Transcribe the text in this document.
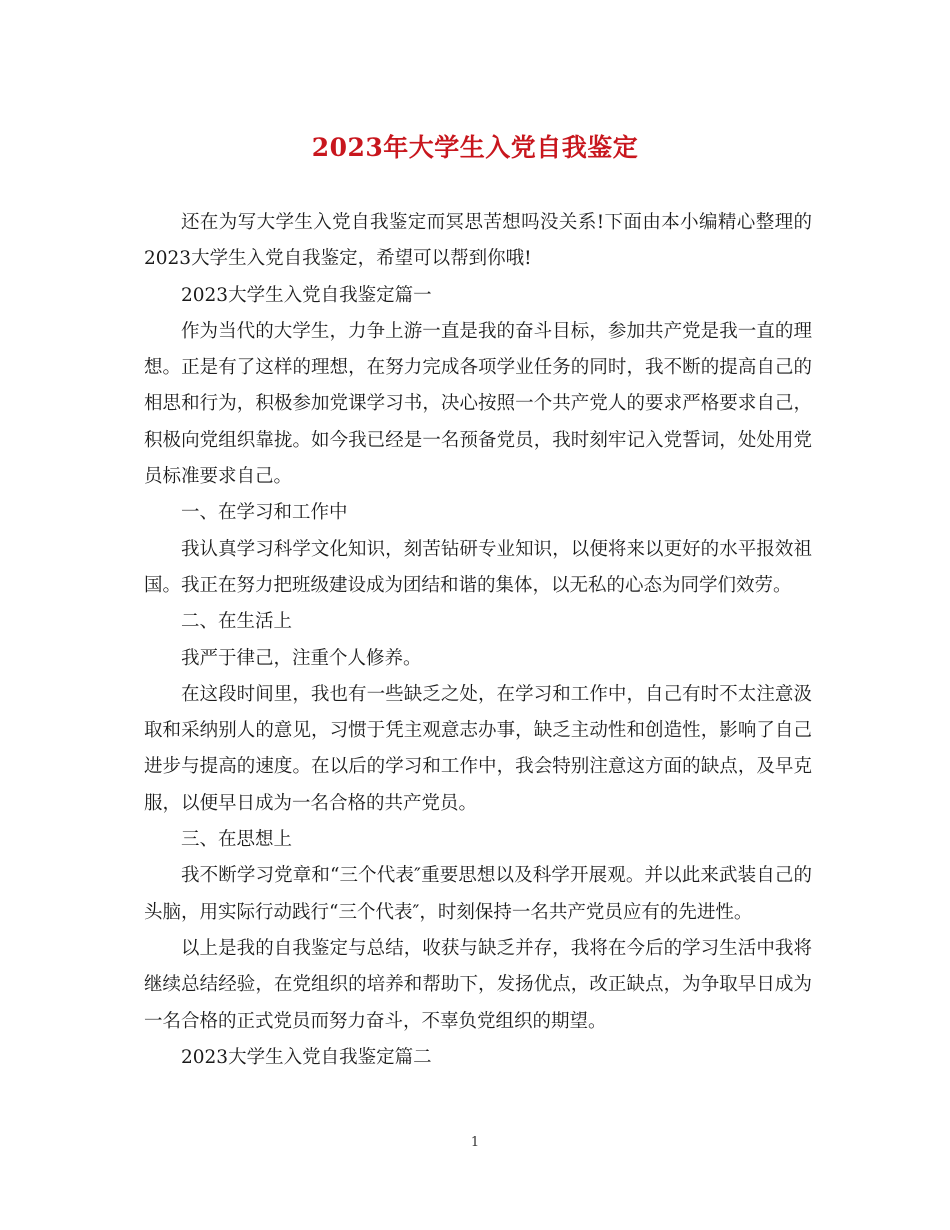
2023年大学生入党自我鉴定

还在为写大学生入党自我鉴定而冥思苦想吗没关系!下面由本小编精心整理的2023大学生入党自我鉴定，希望可以帮到你哦!

2023大学生入党自我鉴定篇一

作为当代的大学生，力争上游一直是我的奋斗目标，参加共产党是我一直的理想。正是有了这样的理想，在努力完成各项学业任务的同时，我不断的提高自己的相思和行为，积极参加党课学习书，决心按照一个共产党人的要求严格要求自己，积极向党组织靠拢。如今我已经是一名预备党员，我时刻牢记入党誓词，处处用党员标准要求自己。

一、在学习和工作中

我认真学习科学文化知识，刻苦钻研专业知识，以便将来以更好的水平报效祖国。我正在努力把班级建设成为团结和谐的集体，以无私的心态为同学们效劳。

二、在生活上

我严于律己，注重个人修养。

在这段时间里，我也有一些缺乏之处，在学习和工作中，自己有时不太注意汲取和采纳别人的意见，习惯于凭主观意志办事，缺乏主动性和创造性，影响了自己进步与提高的速度。在以后的学习和工作中，我会特别注意这方面的缺点，及早克服，以便早日成为一名合格的共产党员。

三、在思想上

我不断学习党章和“三个代表″重要思想以及科学开展观。并以此来武装自己的头脑，用实际行动践行“三个代表″，时刻保持一名共产党员应有的先进性。

以上是我的自我鉴定与总结，收获与缺乏并存，我将在今后的学习生活中我将继续总结经验，在党组织的培养和帮助下，发扬优点，改正缺点，为争取早日成为一名合格的正式党员而努力奋斗，不辜负党组织的期望。

2023大学生入党自我鉴定篇二

1
